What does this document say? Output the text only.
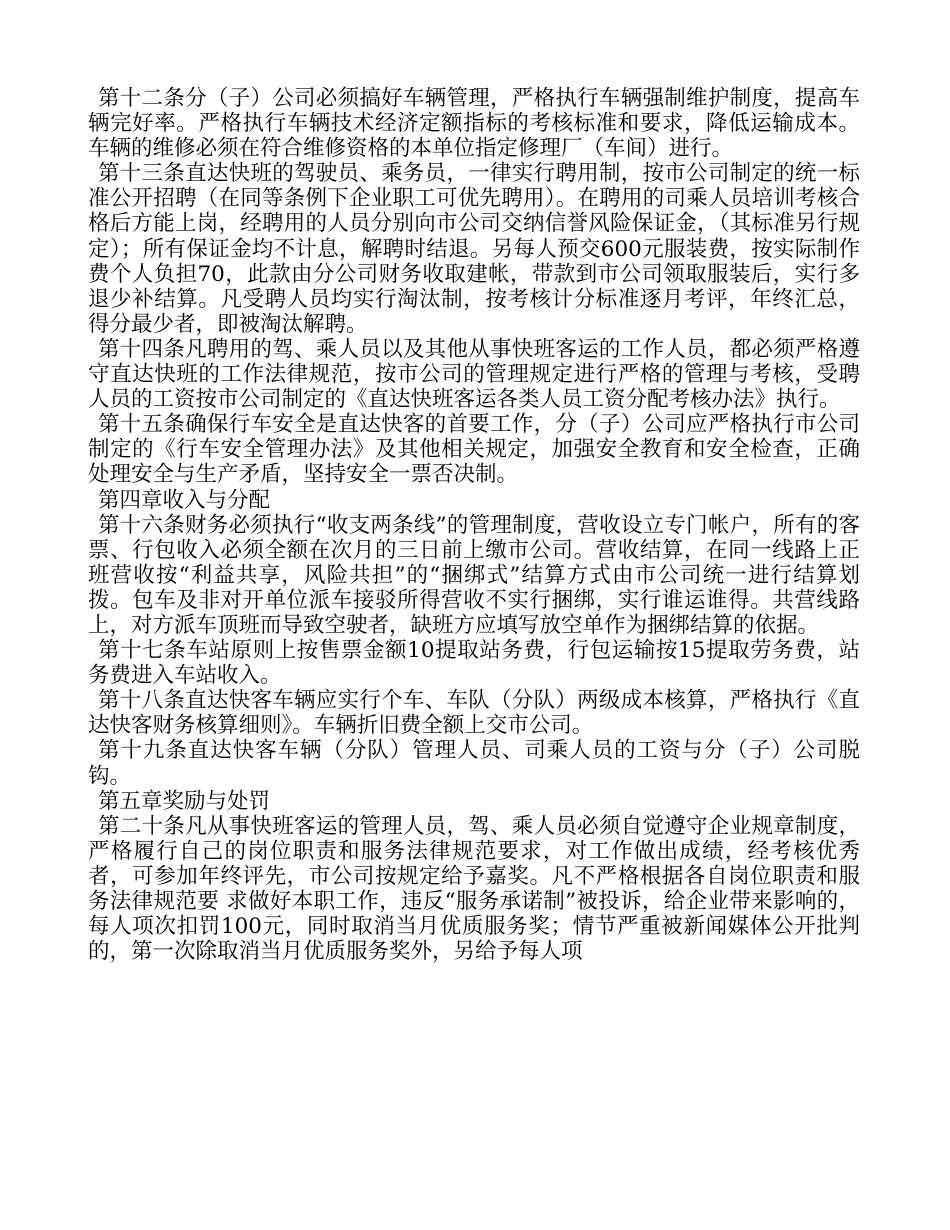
第十二条分（子）公司必须搞好车辆管理，严格执行车辆强制维护制度，提高车辆完好率。严格执行车辆技术经济定额指标的考核标准和要求，降低运输成本。车辆的维修必须在符合维修资格的本单位指定修理厂（车间）进行。

第十三条直达快班的驾驶员、乘务员，一律实行聘用制，按市公司制定的统一标准公开招聘（在同等条例下企业职工可优先聘用）。在聘用的司乘人员培训考核合格后方能上岗，经聘用的人员分别向市公司交纳信誉风险保证金，（其标准另行规定）；所有保证金均不计息，解聘时结退。另每人预交600元服装费，按实际制作费个人负担70，此款由分公司财务收取建帐，带款到市公司领取服装后，实行多退少补结算。凡受聘人员均实行淘汰制，按考核计分标准逐月考评，年终汇总，得分最少者，即被淘汰解聘。

第十四条凡聘用的驾、乘人员以及其他从事快班客运的工作人员，都必须严格遵守直达快班的工作法律规范，按市公司的管理规定进行严格的管理与考核，受聘人员的工资按市公司制定的《直达快班客运各类人员工资分配考核办法》执行。

第十五条确保行车安全是直达快客的首要工作，分（子）公司应严格执行市公司制定的《行车安全管理办法》及其他相关规定，加强安全教育和安全检查，正确处理安全与生产矛盾，坚持安全一票否决制。

第四章收入与分配

第十六条财务必须执行“收支两条线”的管理制度，营收设立专门帐户，所有的客票、行包收入必须全额在次月的三日前上缴市公司。营收结算，在同一线路上正班营收按“利益共享，风险共担”的“捆绑式”结算方式由市公司统一进行结算划拨。包车及非对开单位派车接驳所得营收不实行捆绑，实行谁运谁得。共营线路上，对方派车顶班而导致空驶者，缺班方应填写放空单作为捆绑结算的依据。

第十七条车站原则上按售票金额10提取站务费，行包运输按15提取劳务费，站务费进入车站收入。

第十八条直达快客车辆应实行个车、车队（分队）两级成本核算，严格执行《直达快客财务核算细则》。车辆折旧费全额上交市公司。

第十九条直达快客车辆（分队）管理人员、司乘人员的工资与分（子）公司脱钩。

第五章奖励与处罚

第二十条凡从事快班客运的管理人员，驾、乘人员必须自觉遵守企业规章制度，严格履行自己的岗位职责和服务法律规范要求，对工作做出成绩，经考核优秀者，可参加年终评先，市公司按规定给予嘉奖。凡不严格根据各自岗位职责和服务法律规范要 求做好本职工作，违反“服务承诺制”被投诉，给企业带来影响的，每人项次扣罚100元，同时取消当月优质服务奖；情节严重被新闻媒体公开批判的，第一次除取消当月优质服务奖外，另给予每人项
